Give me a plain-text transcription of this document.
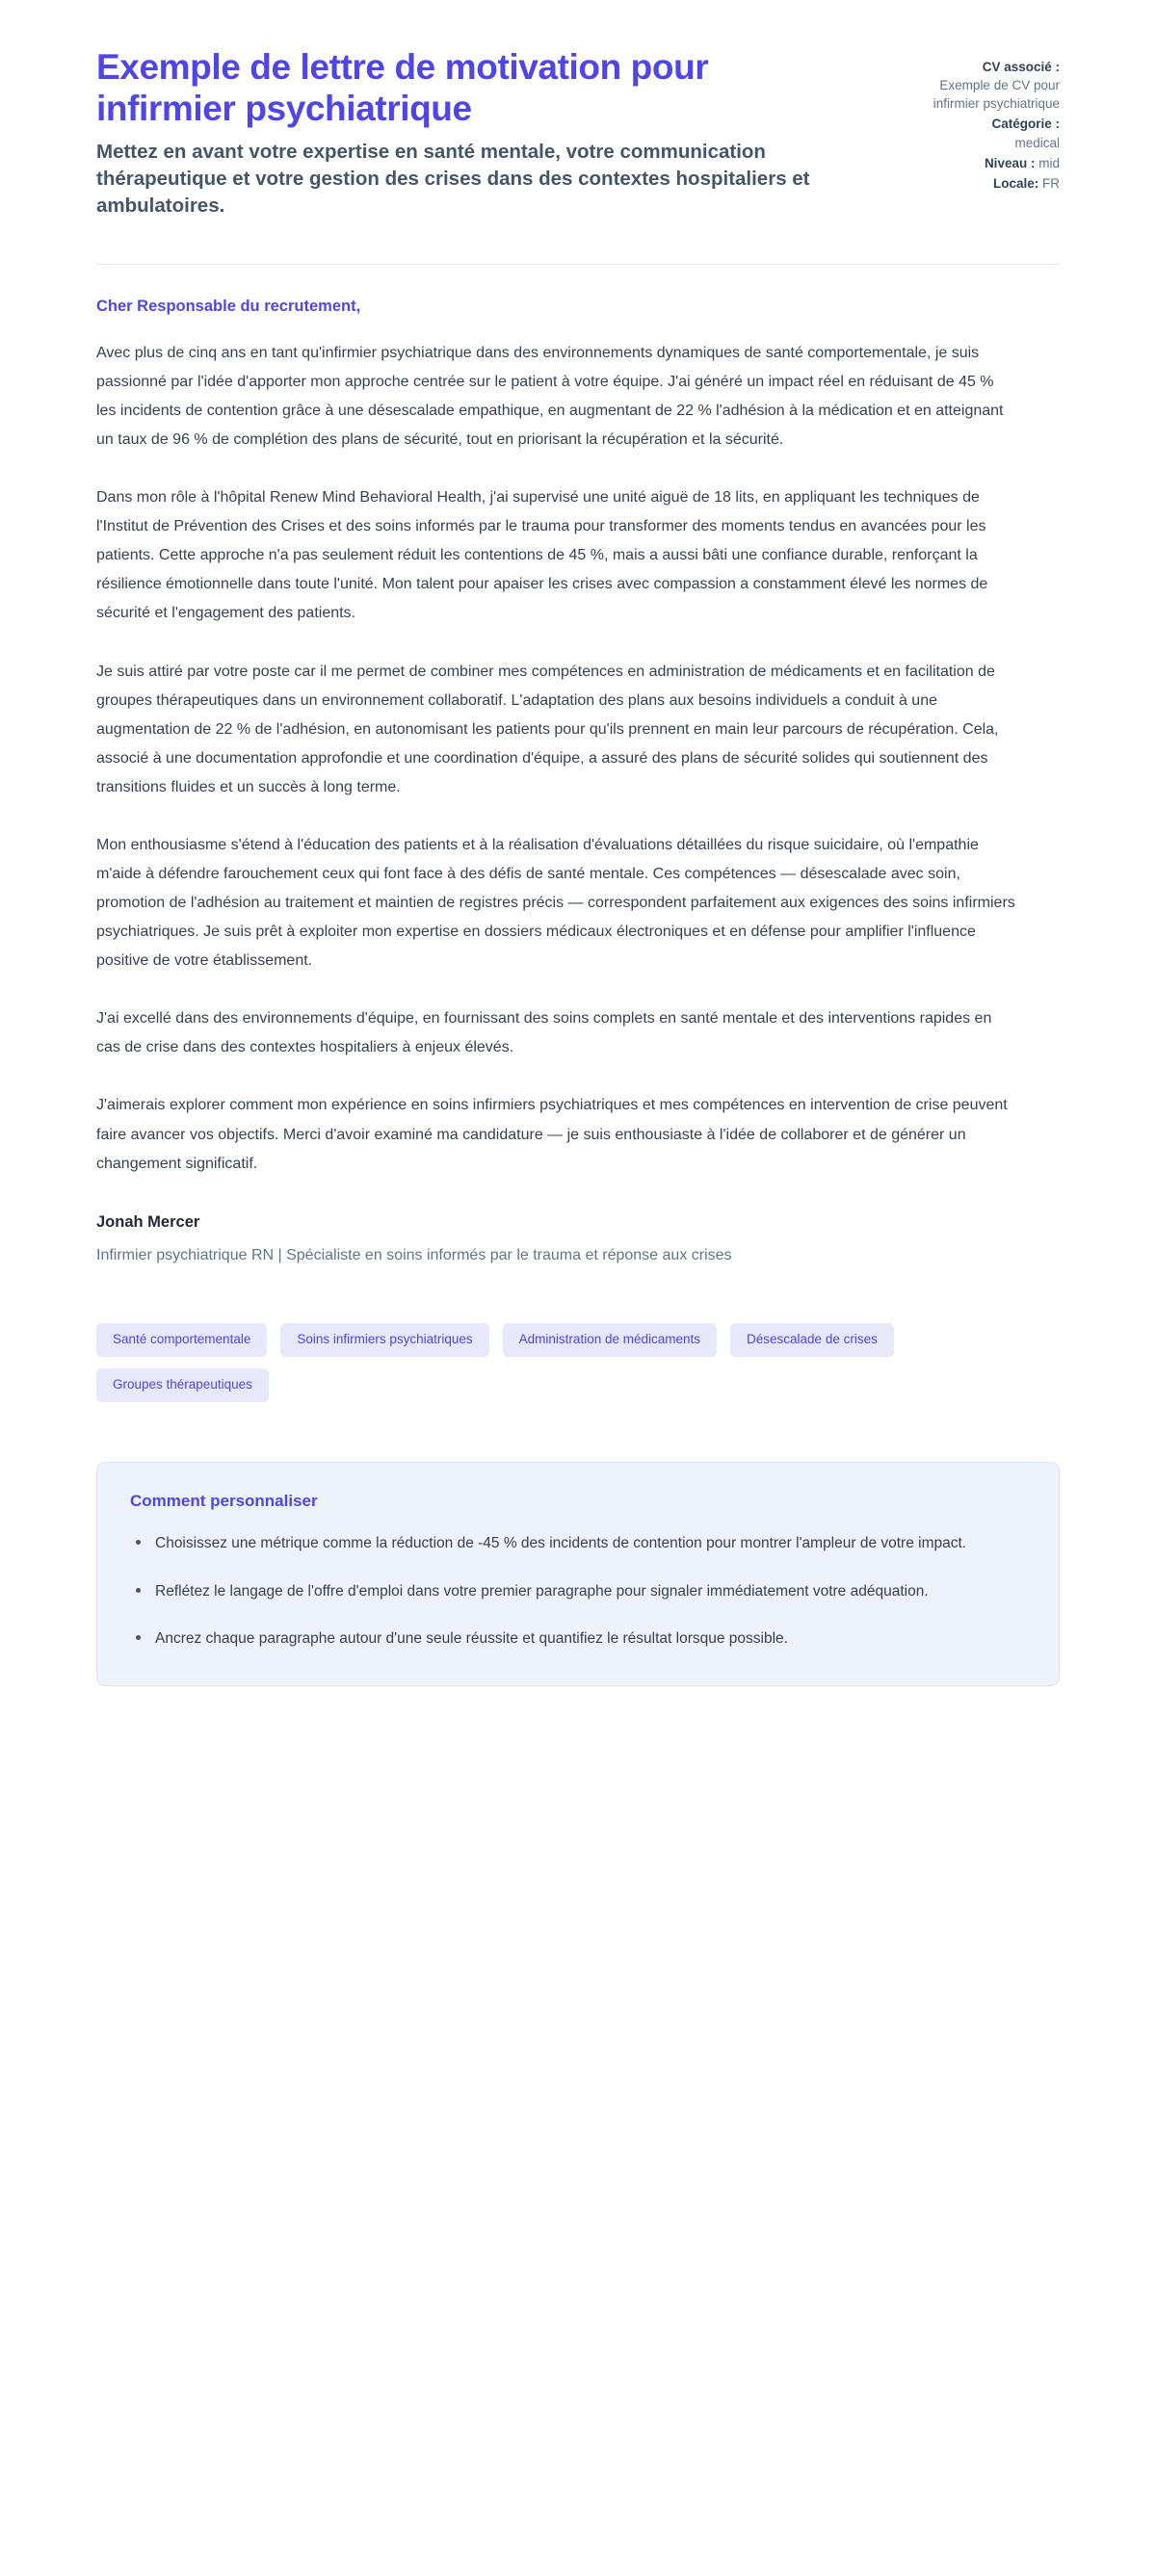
Exemple de lettre de motivation pour infirmier psychiatrique

Mettez en avant votre expertise en santé mentale, votre communication thérapeutique et votre gestion des crises dans des contextes hospitaliers et ambulatoires.

CV associé :
Exemple de CV pour infirmier psychiatrique
Catégorie :
medical
Niveau : mid
Locale: FR

Cher Responsable du recrutement,

Avec plus de cinq ans en tant qu'infirmier psychiatrique dans des environnements dynamiques de santé comportementale, je suis passionné par l'idée d'apporter mon approche centrée sur le patient à votre équipe. J'ai généré un impact réel en réduisant de 45 % les incidents de contention grâce à une désescalade empathique, en augmentant de 22 % l'adhésion à la médication et en atteignant un taux de 96 % de complétion des plans de sécurité, tout en priorisant la récupération et la sécurité.

Dans mon rôle à l'hôpital Renew Mind Behavioral Health, j'ai supervisé une unité aiguë de 18 lits, en appliquant les techniques de l'Institut de Prévention des Crises et des soins informés par le trauma pour transformer des moments tendus en avancées pour les patients. Cette approche n'a pas seulement réduit les contentions de 45 %, mais a aussi bâti une confiance durable, renforçant la résilience émotionnelle dans toute l'unité. Mon talent pour apaiser les crises avec compassion a constamment élevé les normes de sécurité et l'engagement des patients.

Je suis attiré par votre poste car il me permet de combiner mes compétences en administration de médicaments et en facilitation de groupes thérapeutiques dans un environnement collaboratif. L'adaptation des plans aux besoins individuels a conduit à une augmentation de 22 % de l'adhésion, en autonomisant les patients pour qu'ils prennent en main leur parcours de récupération. Cela, associé à une documentation approfondie et une coordination d'équipe, a assuré des plans de sécurité solides qui soutiennent des transitions fluides et un succès à long terme.

Mon enthousiasme s'étend à l'éducation des patients et à la réalisation d'évaluations détaillées du risque suicidaire, où l'empathie m'aide à défendre farouchement ceux qui font face à des défis de santé mentale. Ces compétences — désescalade avec soin, promotion de l'adhésion au traitement et maintien de registres précis — correspondent parfaitement aux exigences des soins infirmiers psychiatriques. Je suis prêt à exploiter mon expertise en dossiers médicaux électroniques et en défense pour amplifier l'influence positive de votre établissement.

J'ai excellé dans des environnements d'équipe, en fournissant des soins complets en santé mentale et des interventions rapides en cas de crise dans des contextes hospitaliers à enjeux élevés.

J'aimerais explorer comment mon expérience en soins infirmiers psychiatriques et mes compétences en intervention de crise peuvent faire avancer vos objectifs. Merci d'avoir examiné ma candidature — je suis enthousiaste à l'idée de collaborer et de générer un changement significatif.

Jonah Mercer

Infirmier psychiatrique RN | Spécialiste en soins informés par le trauma et réponse aux crises

Santé comportementale	Soins infirmiers psychiatriques	Administration de médicaments	Désescalade de crises
Groupes thérapeutiques

Comment personnaliser

Choisissez une métrique comme la réduction de -45 % des incidents de contention pour montrer l'ampleur de votre impact.
Reflétez le langage de l'offre d'emploi dans votre premier paragraphe pour signaler immédiatement votre adéquation.
Ancrez chaque paragraphe autour d'une seule réussite et quantifiez le résultat lorsque possible.
